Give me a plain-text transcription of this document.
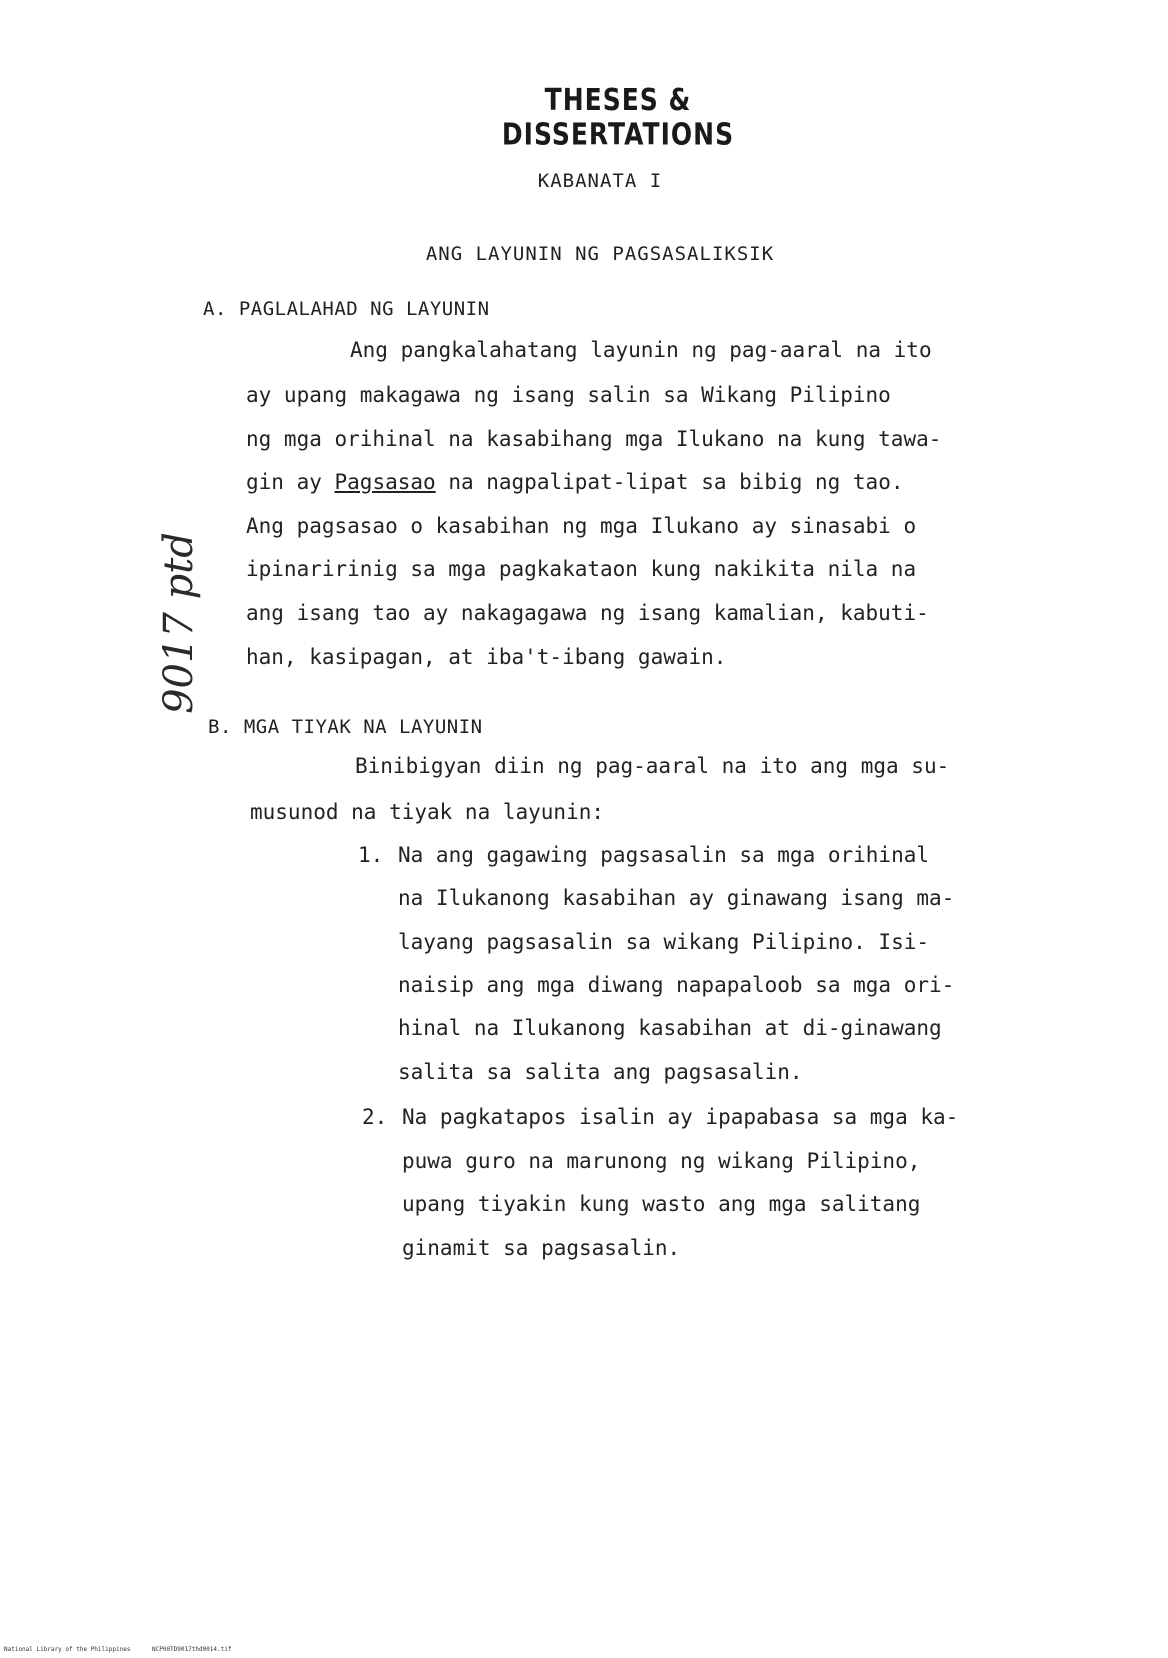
THESES & DISSERTATIONS
KABANATA I
ANG LAYUNIN NG PAGSASALIKSIK
9017 ptd
A. PAGLALAHAD NG LAYUNIN
Ang pangkalahatang layunin ng pag-aaral na ito
ay upang makagawa ng isang salin sa Wikang Pilipino
ng mga orihinal na kasabihang mga Ilukano na kung tawa-
gin ay Pagsasao na nagpalipat-lipat sa bibig ng tao.
Ang pagsasao o kasabihan ng mga Ilukano ay sinasabi o
ipinaririnig sa mga pagkakataon kung nakikita nila na
ang isang tao ay nakagagawa ng isang kamalian, kabuti-
han, kasipagan, at iba't-ibang gawain.
B. MGA TIYAK NA LAYUNIN
Binibigyan diin ng pag-aaral na ito ang mga su-
musunod na tiyak na layunin:
1. Na ang gagawing pagsasalin sa mga orihinal
na Ilukanong kasabihan ay ginawang isang ma-
layang pagsasalin sa wikang Pilipino. Isi-
naisip ang mga diwang napapaloob sa mga ori-
hinal na Ilukanong kasabihan at di-ginawang
salita sa salita ang pagsasalin.
2. Na pagkatapos isalin ay ipapabasa sa mga ka-
puwa guro na marunong ng wikang Pilipino,
upang tiyakin kung wasto ang mga salitang
ginamit sa pagsasalin.
National Library of the Philippines	NCP00TD9017thd0014.tif
